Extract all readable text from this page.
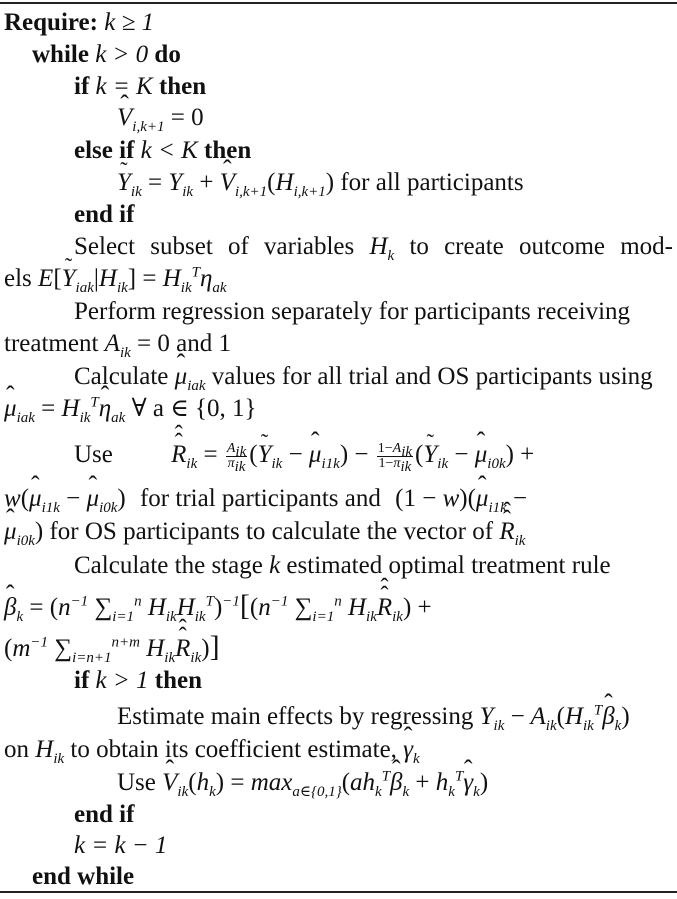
Require: k ≥ 1
while k > 0 do
if k = K then
ˆ $V_{i,k+1} = 0$
else if k < K then
˜ $Y_{ik} = Y_{ik}$ + ˆ $V_{i,k+1}(H_{i,k+1})$ for all participants
end if
Select subset of variables $H_k$ to create outcome mod-
els E[˜ $Y_{iak}|H_{ik}] = H_{ik}^T\eta_{ak}$
Perform regression separately for participants receiving
treatment $A_{ik} = 0$ and 1
Calculate ˆ $\mu_{iak}$ values for all trial and OS participants using
ˆ $\mu_{iak}$ = $H_{ik}^Tˆ$ $\eta_{ak}$ ∀ a ∈ {0, 1}
Use ˆ R ˆ$_{ik}$ = $\frac{A_{ik}}{\pi_{ik}}$ (˜ $Y_{ik}$ − ˆ $\mu_{i1k}) - \frac{1-A_{ik}}{1-\pi_{ik}}$ (˜ $Y_{ik}$ − ˆ $\mu_{i0k}$) +
w(ˆ $\mu_{i1k}$ − ˆ $\mu_{i0k}$) for trial participants and (1 − w)(ˆ $\mu_{i1k}$ −
ˆ $\mu_{i0k}$) for OS participants to calculate the vector of ˆ R ˆ$_{ik}$
Calculate the stage k estimated optimal treatment rule
ˆ $\beta_k = (n^{-1}$ $\sum_{i=1}^n$ $H_{ik}H_{ik}^T)^{-1}[(n^{-1}$ $\sum_{i=1}^n$ $H_{ik}ˆ$ R ˆ$_{ik}$) +
($m^{-1}$ $\sum_{i=n+1}^{n+m}$ $H_{ik}ˆ$ R ˆ$_{ik}$)]
if k > 1 then
Estimate main effects by regressing $Y_{ik}$ − $A_{ik}(H_{ik}^Tˆ$ $\beta_k$)
on $H_{ik}$ to obtain its coefficient estimate, ˆ $\gamma_k$
Use ˆ $V_{ik}(h_k)$ = $\max_{a\in\{0,1\}}(ah_k^Tˆ$ $\beta_k$ + $h_k^Tˆ$ $\gamma_k$)
end if
k = k − 1
end while
